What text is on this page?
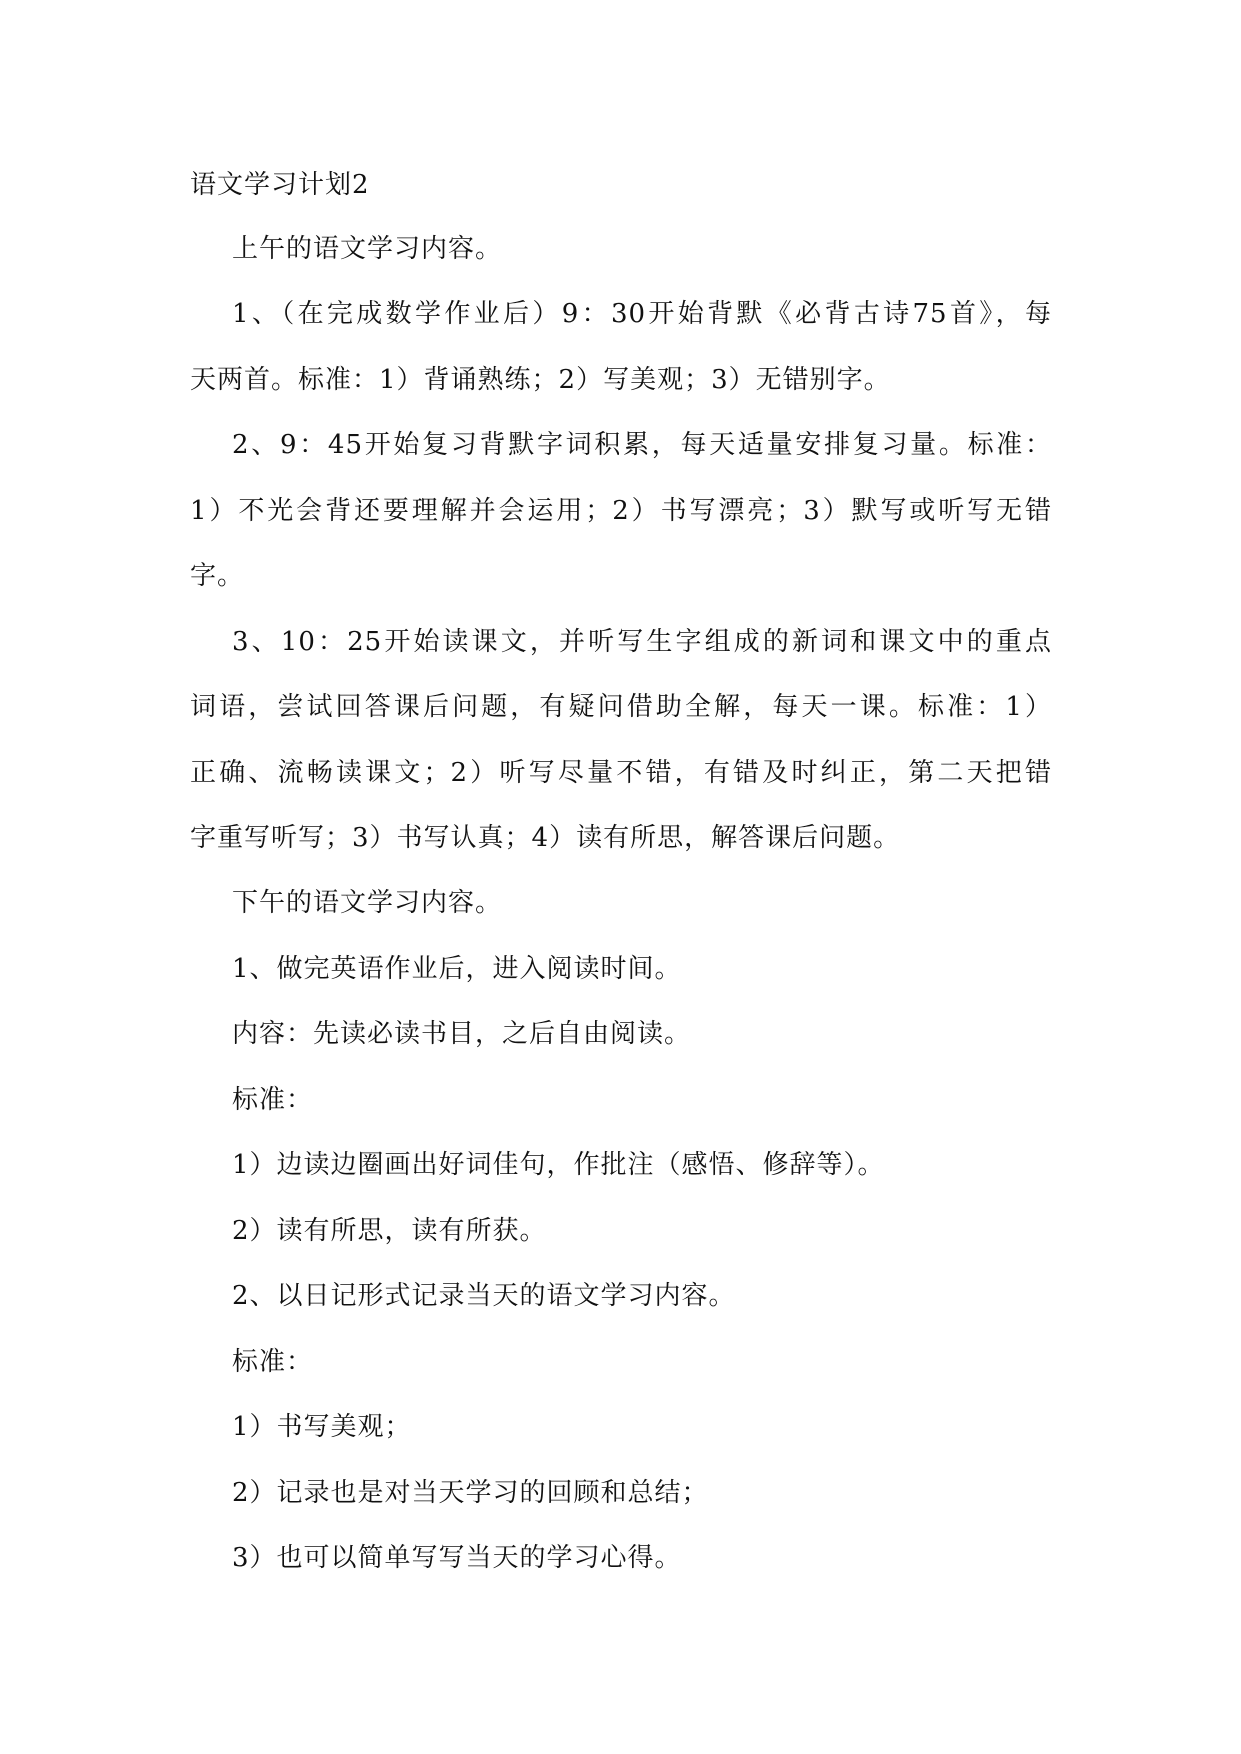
语文学习计划2
上午的语文学习内容。
1、（在完成数学作业后）9：30开始背默《必背古诗75首》，每
天两首。标准：1）背诵熟练；2）写美观；3）无错别字。
2、9：45开始复习背默字词积累，每天适量安排复习量。标准：
1）不光会背还要理解并会运用；2）书写漂亮；3）默写或听写无错
字。
3、10：25开始读课文，并听写生字组成的新词和课文中的重点
词语，尝试回答课后问题，有疑问借助全解，每天一课。标准：1）
正确、流畅读课文；2）听写尽量不错，有错及时纠正，第二天把错
字重写听写；3）书写认真；4）读有所思，解答课后问题。
下午的语文学习内容。
1、做完英语作业后，进入阅读时间。
内容：先读必读书目，之后自由阅读。
标准：
1）边读边圈画出好词佳句，作批注（感悟、修辞等）。
2）读有所思，读有所获。
2、以日记形式记录当天的语文学习内容。
标准：
1）书写美观；
2）记录也是对当天学习的回顾和总结；
3）也可以简单写写当天的学习心得。
